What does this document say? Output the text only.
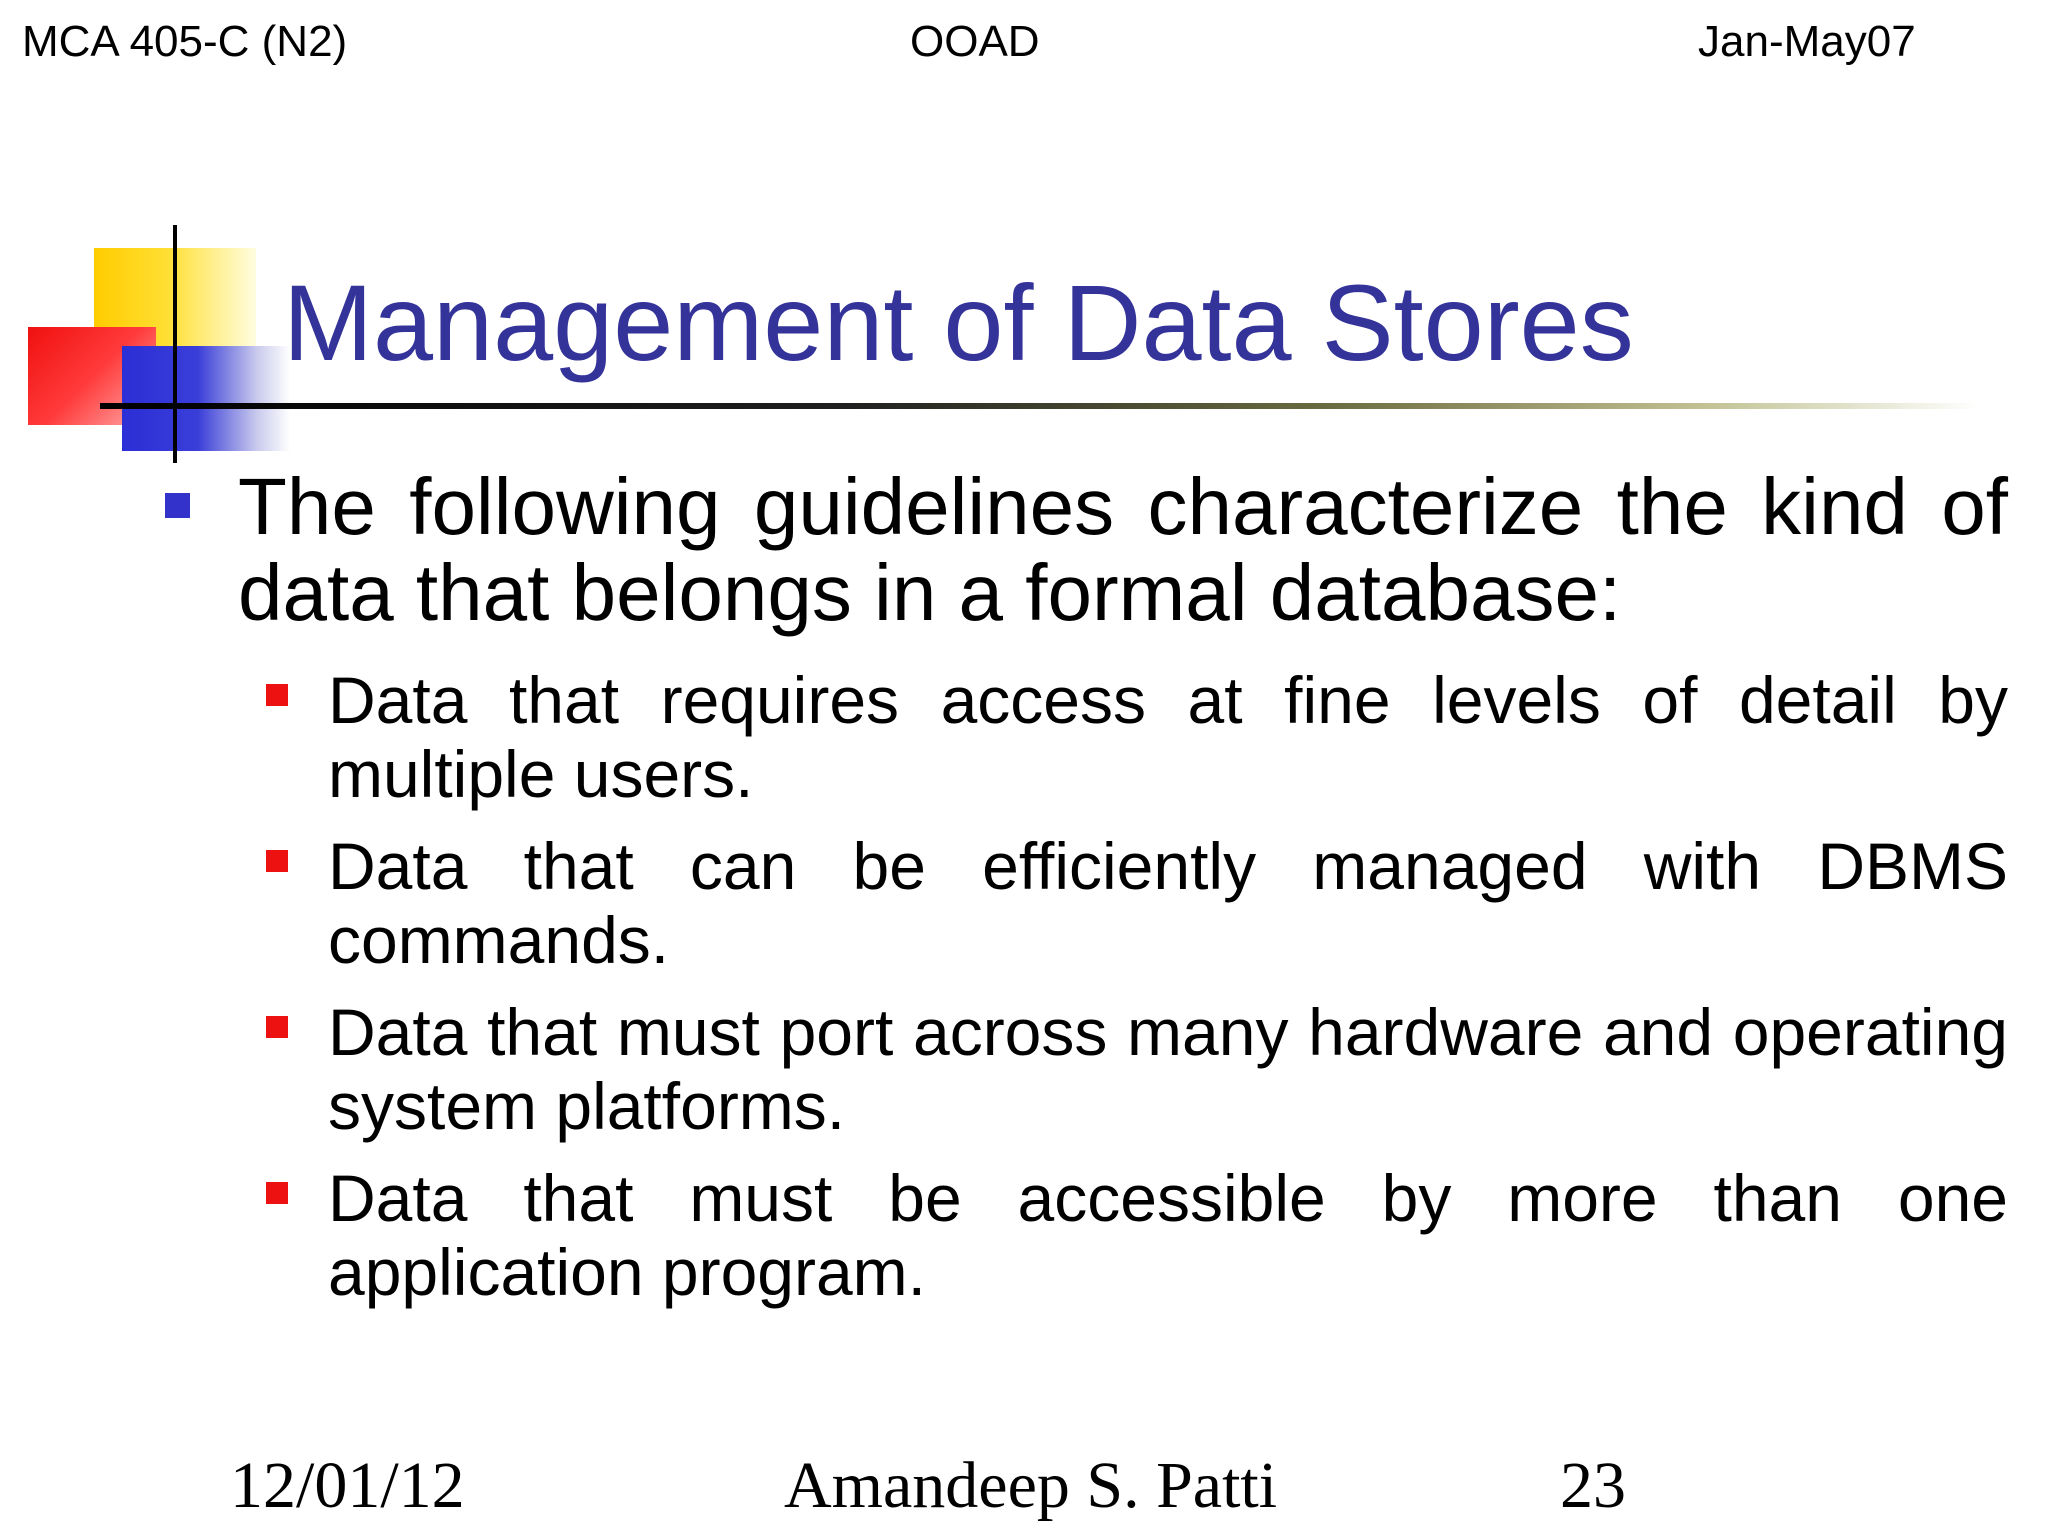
MCA 405-C (N2)	OOAD	Jan-May07
Management of Data Stores
The following guidelines characterize the kind of data that belongs in a formal database:
Data that requires access at fine levels of detail by multiple users.
Data that can be efficiently managed with DBMS commands.
Data that must port across many hardware and operating system platforms.
Data that must be accessible by more than one application program.
12/01/12	Amandeep S. Patti	23
